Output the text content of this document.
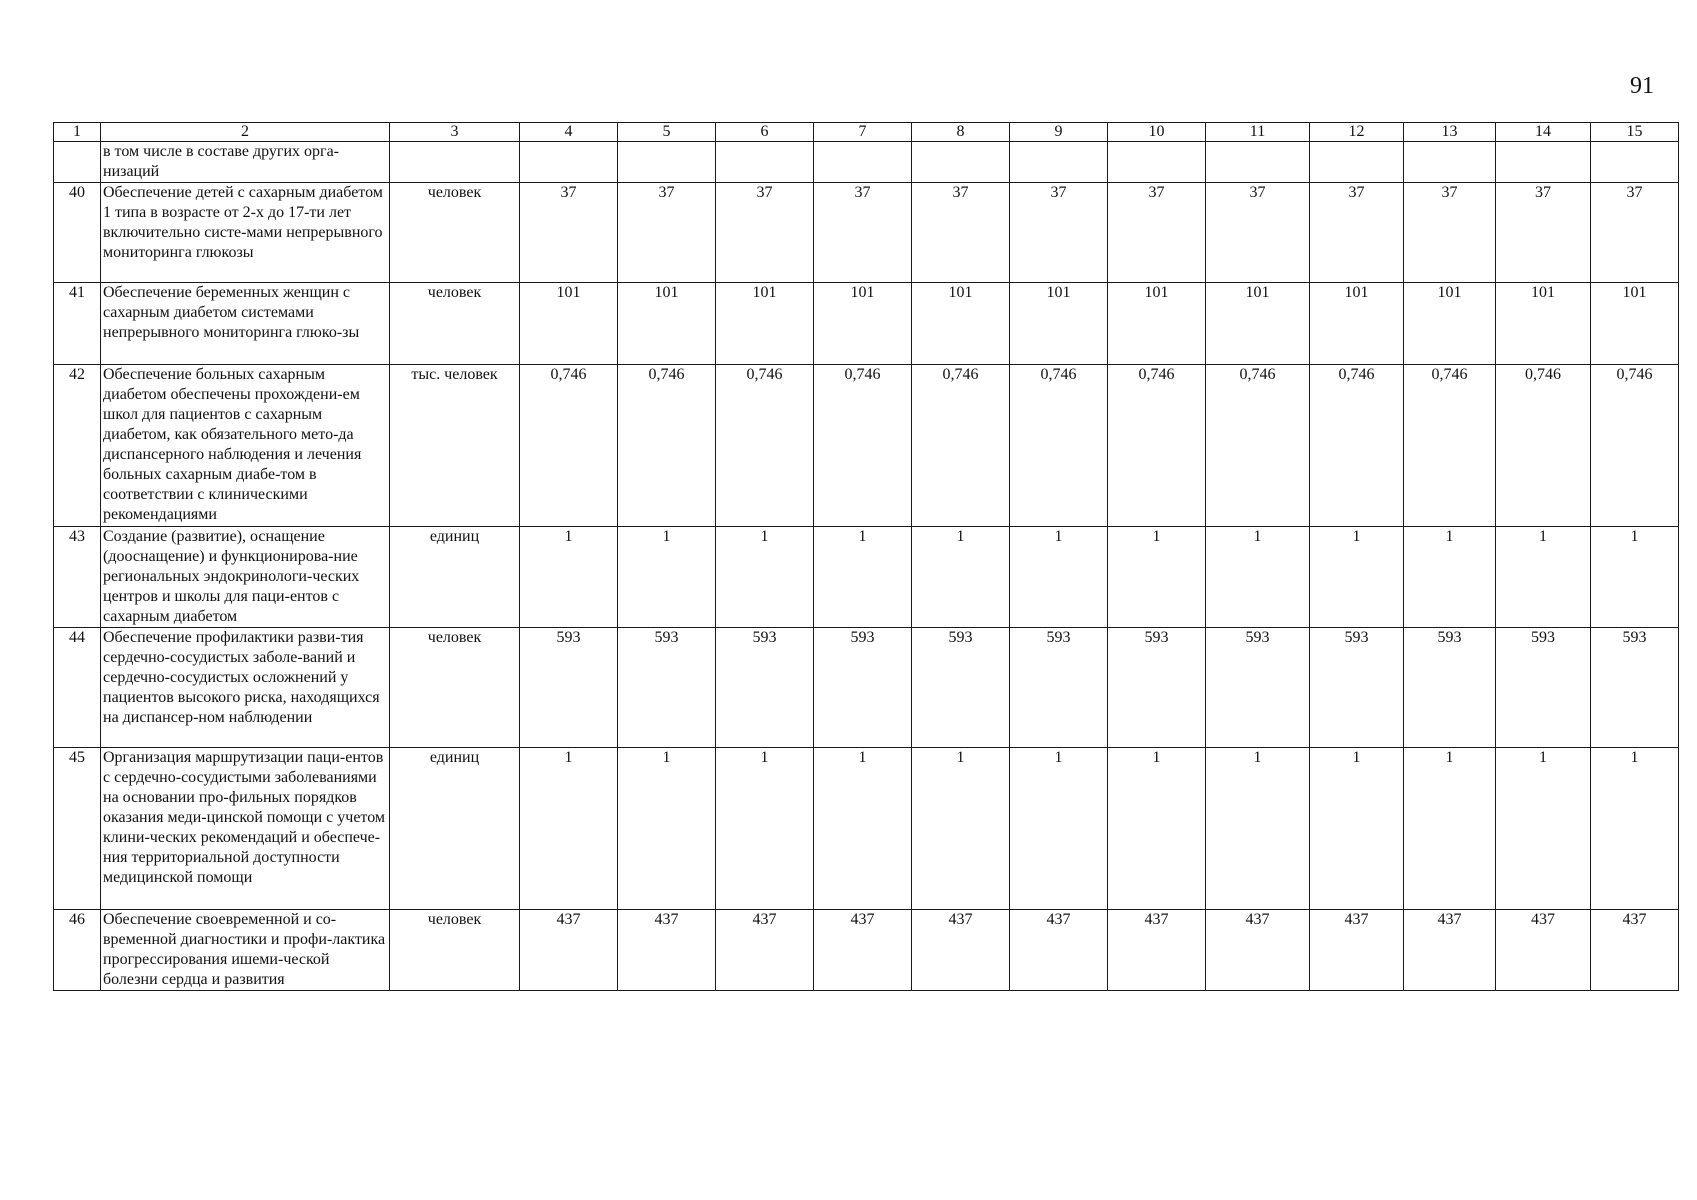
91
1	2	3	4	5	6	7	8	9	10	11	12	13	14	15
	в том числе в составе других орга-низаций													
40	Обеспечение детей с сахарным диабетом 1 типа в возрасте от 2-х до 17-ти лет включительно систе-мами непрерывного мониторинга глюкозы	человек	37	37	37	37	37	37	37	37	37	37	37	37
41	Обеспечение беременных женщин с сахарным диабетом системами непрерывного мониторинга глюко-зы	человек	101	101	101	101	101	101	101	101	101	101	101	101
42	Обеспечение больных сахарным диабетом обеспечены прохождени-ем школ для пациентов с сахарным диабетом, как обязательного мето-да диспансерного наблюдения и лечения больных сахарным диабе-том в соответствии с клиническими рекомендациями	тыс. человек	0,746	0,746	0,746	0,746	0,746	0,746	0,746	0,746	0,746	0,746	0,746	0,746
43	Создание (развитие), оснащение (дооснащение) и функционирова-ние региональных эндокринологи-ческих центров и школы для паци-ентов с сахарным диабетом	единиц	1	1	1	1	1	1	1	1	1	1	1	1
44	Обеспечение профилактики разви-тия сердечно-сосудистых заболе-ваний и сердечно-сосудистых осложнений у пациентов высокого риска, находящихся на диспансер-ном наблюдении	человек	593	593	593	593	593	593	593	593	593	593	593	593
45	Организация маршрутизации паци-ентов с сердечно-сосудистыми заболеваниями на основании про-фильных порядков оказания меди-цинской помощи с учетом клини-ческих рекомендаций и обеспече-ния территориальной доступности медицинской помощи	единиц	1	1	1	1	1	1	1	1	1	1	1	1
46	Обеспечение своевременной и со-временной диагностики и профи-лактика прогрессирования ишеми-ческой болезни сердца и развития	человек	437	437	437	437	437	437	437	437	437	437	437	437
